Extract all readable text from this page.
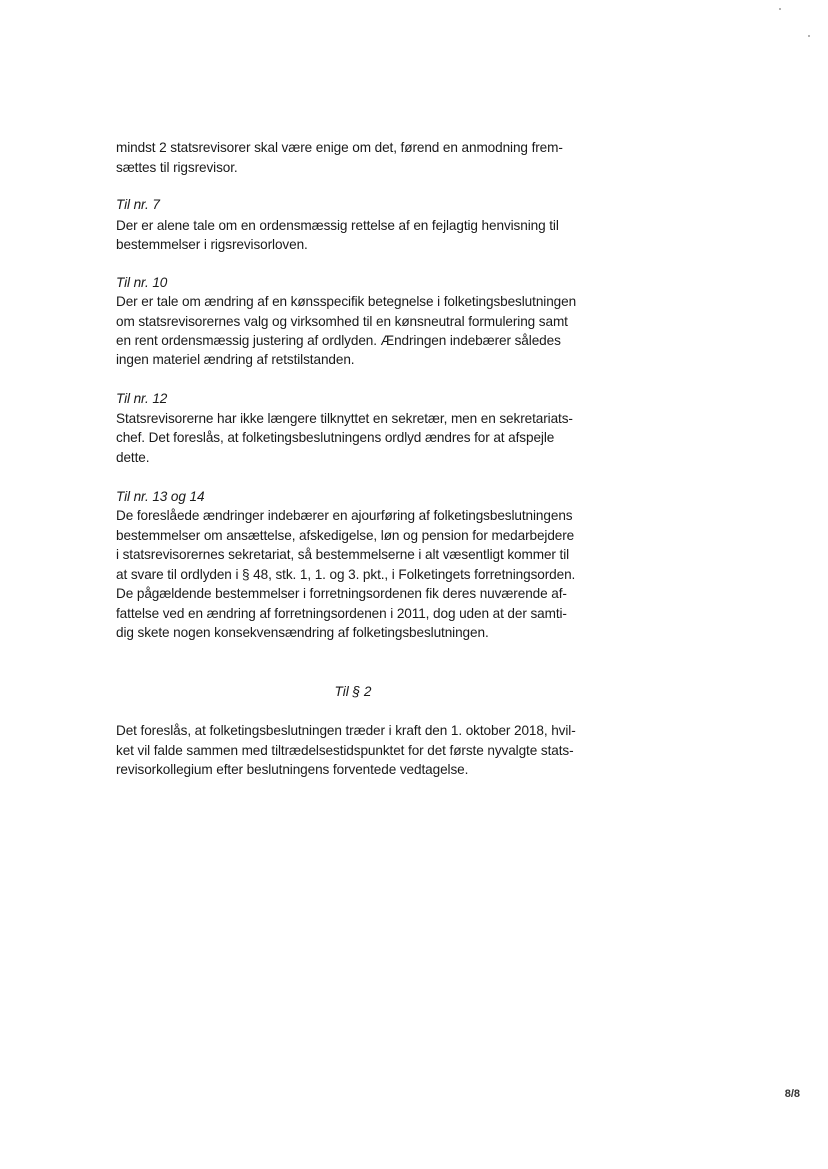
mindst 2 statsrevisorer skal være enige om det, førend en anmodning frem-
sættes til rigsrevisor.
Til nr. 7
Der er alene tale om en ordensmæssig rettelse af en fejlagtig henvisning til
bestemmelser i rigsrevisorloven.
Til nr. 10
Der er tale om ændring af en kønsspecifik betegnelse i folketingsbeslutningen
om statsrevisorernes valg og virksomhed til en kønsneutral formulering samt
en rent ordensmæssig justering af ordlyden. Ændringen indebærer således
ingen materiel ændring af retstilstanden.
Til nr. 12
Statsrevisorerne har ikke længere tilknyttet en sekretær, men en sekretariats-
chef. Det foreslås, at folketingsbeslutningens ordlyd ændres for at afspejle
dette.
Til nr. 13 og 14
De foreslåede ændringer indebærer en ajourføring af folketingsbeslutningens
bestemmelser om ansættelse, afskedigelse, løn og pension for medarbejdere
i statsrevisorernes sekretariat, så bestemmelserne i alt væsentligt kommer til
at svare til ordlyden i § 48, stk. 1, 1. og 3. pkt., i Folketingets forretningsorden.
De pågældende bestemmelser i forretningsordenen fik deres nuværende af-
fattelse ved en ændring af forretningsordenen i 2011, dog uden at der samti-
dig skete nogen konsekvensændring af folketingsbeslutningen.
Til § 2
Det foreslås, at folketingsbeslutningen træder i kraft den 1. oktober 2018, hvil-
ket vil falde sammen med tiltrædelsestidspunktet for det første nyvalgte stats-
revisorkollegium efter beslutningens forventede vedtagelse.
8/8
